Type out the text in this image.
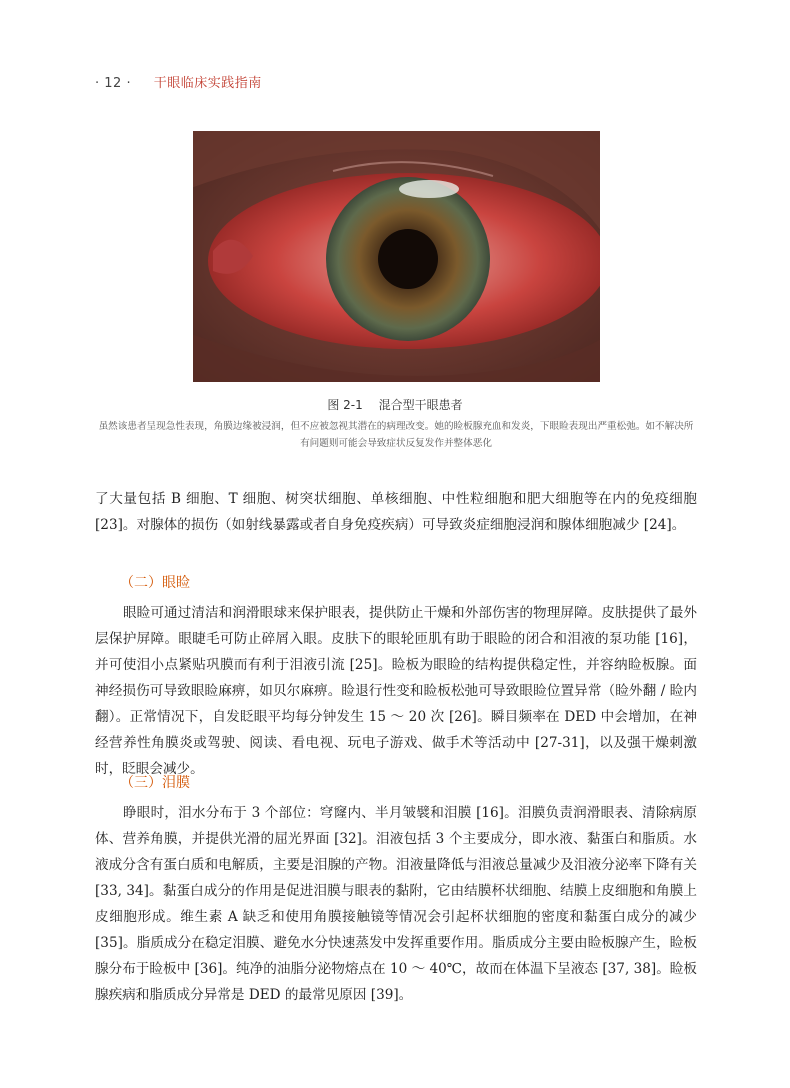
· 12 · 干眼临床实践指南
图 2-1 混合型干眼患者
虽然该患者呈现急性表现，角膜边缘被浸润，但不应被忽视其潜在的病理改变。她的睑板腺充血和发炎，下眼睑表现出严重松弛。如不解决所有问题则可能会导致症状反复发作并整体恶化

了大量包括 B 细胞、T 细胞、树突状细胞、单核细胞、中性粒细胞和肥大细胞等在内的免疫细胞 [23]。对腺体的损伤（如射线暴露或者自身免疫疾病）可导致炎症细胞浸润和腺体细胞减少 [24]。

（二）眼睑

眼睑可通过清洁和润滑眼球来保护眼表，提供防止干燥和外部伤害的物理屏障。皮肤提供了最外层保护屏障。眼睫毛可防止碎屑入眼。皮肤下的眼轮匝肌有助于眼睑的闭合和泪液的泵功能 [16]，并可使泪小点紧贴巩膜而有利于泪液引流 [25]。睑板为眼睑的结构提供稳定性，并容纳睑板腺。面神经损伤可导致眼睑麻痹，如贝尔麻痹。睑退行性变和睑板松弛可导致眼睑位置异常（睑外翻 / 睑内翻）。正常情况下，自发眨眼平均每分钟发生 15 ～ 20 次 [26]。瞬目频率在 DED 中会增加，在神经营养性角膜炎或驾驶、阅读、看电视、玩电子游戏、做手术等活动中 [27-31]，以及强干燥刺激时，眨眼会减少。

（三）泪膜

睁眼时，泪水分布于 3 个部位：穹窿内、半月皱襞和泪膜 [16]。泪膜负责润滑眼表、清除病原体、营养角膜，并提供光滑的屈光界面 [32]。泪液包括 3 个主要成分，即水液、黏蛋白和脂质。水液成分含有蛋白质和电解质，主要是泪腺的产物。泪液量降低与泪液总量减少及泪液分泌率下降有关 [33, 34]。黏蛋白成分的作用是促进泪膜与眼表的黏附，它由结膜杯状细胞、结膜上皮细胞和角膜上皮细胞形成。维生素 A 缺乏和使用角膜接触镜等情况会引起杯状细胞的密度和黏蛋白成分的减少 [35]。脂质成分在稳定泪膜、避免水分快速蒸发中发挥重要作用。脂质成分主要由睑板腺产生，睑板腺分布于睑板中 [36]。纯净的油脂分泌物熔点在 10 ～ 40℃，故而在体温下呈液态 [37, 38]。睑板腺疾病和脂质成分异常是 DED 的最常见原因 [39]。
